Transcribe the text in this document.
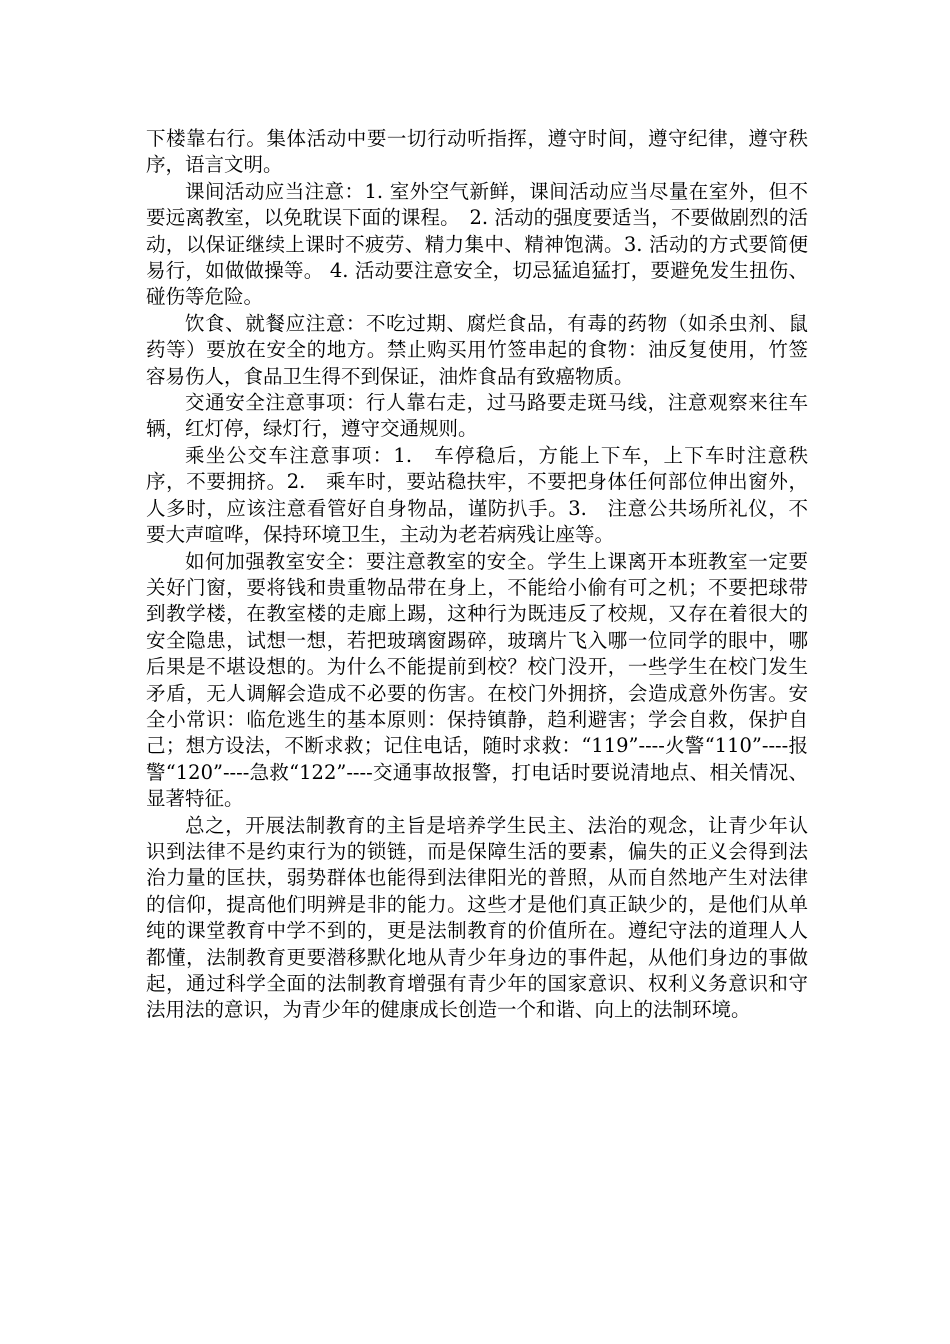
下楼靠右行。集体活动中要一切行动听指挥，遵守时间，遵守纪律，遵守秩序，语言文明。

课间活动应当注意：1. 室外空气新鲜，课间活动应当尽量在室外，但不要远离教室，以免耽误下面的课程。　2. 活动的强度要适当，不要做剧烈的活动，以保证继续上课时不疲劳、精力集中、精神饱满。3. 活动的方式要简便易行，如做做操等。 4. 活动要注意安全，切忌猛追猛打，要避免发生扭伤、碰伤等危险。

饮食、就餐应注意：不吃过期、腐烂食品，有毒的药物（如杀虫剂、鼠药等）要放在安全的地方。禁止购买用竹签串起的食物：油反复使用，竹签容易伤人，食品卫生得不到保证，油炸食品有致癌物质。

交通安全注意事项：行人靠右走，过马路要走斑马线，注意观察来往车辆，红灯停，绿灯行，遵守交通规则。

乘坐公交车注意事项：1.　车停稳后，方能上下车，上下车时注意秩序，不要拥挤。2.　乘车时，要站稳扶牢，不要把身体任何部位伸出窗外，人多时，应该注意看管好自身物品，谨防扒手。3.　注意公共场所礼仪，不要大声喧哗，保持环境卫生，主动为老若病残让座等。

如何加强教室安全：要注意教室的安全。学生上课离开本班教室一定要关好门窗，要将钱和贵重物品带在身上，不能给小偷有可之机；不要把球带到教学楼，在教室楼的走廊上踢，这种行为既违反了校规，又存在着很大的安全隐患，试想一想，若把玻璃窗踢碎，玻璃片飞入哪一位同学的眼中，哪后果是不堪设想的。为什么不能提前到校？校门没开，一些学生在校门发生矛盾，无人调解会造成不必要的伤害。在校门外拥挤，会造成意外伤害。安全小常识：临危逃生的基本原则：保持镇静，趋利避害；学会自救，保护自己；想方设法，不断求救；记住电话，随时求救：“119”----火警“110”----报警“120”----急救“122”----交通事故报警，打电话时要说清地点、相关情况、显著特征。

总之，开展法制教育的主旨是培养学生民主、法治的观念，让青少年认识到法律不是约束行为的锁链，而是保障生活的要素，偏失的正义会得到法治力量的匡扶，弱势群体也能得到法律阳光的普照，从而自然地产生对法律的信仰，提高他们明辨是非的能力。这些才是他们真正缺少的，是他们从单纯的课堂教育中学不到的，更是法制教育的价值所在。遵纪守法的道理人人都懂，法制教育更要潜移默化地从青少年身边的事件起，从他们身边的事做起，通过科学全面的法制教育增强有青少年的国家意识、权利义务意识和守法用法的意识，为青少年的健康成长创造一个和谐、向上的法制环境。
